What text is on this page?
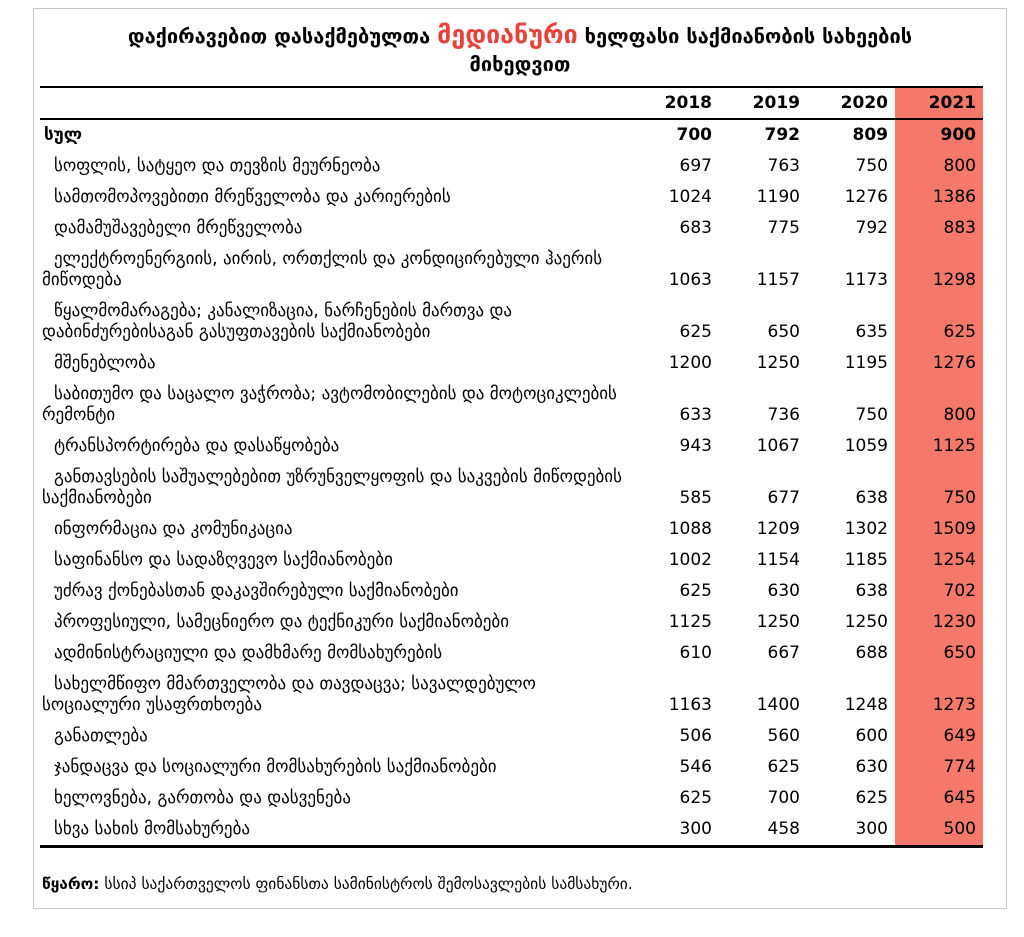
დაქირავებით დასაქმებულთა მედიანური ხელფასი საქმიანობის სახეების მიხედვით
	2018	2019	2020	2021
სულ	700	792	809	900
სოფლის, სატყეო და თევზის მეურნეობა	697	763	750	800
სამთომოპოვებითი მრეწველობა და კარიერების	1024	1190	1276	1386
დამამუშავებელი მრეწველობა	683	775	792	883
ელექტროენერგიის, აირის, ორთქლის და კონდიცირებული ჰაერის მიწოდება	1063	1157	1173	1298
წყალმომარაგება; კანალიზაცია, ნარჩენების მართვა და დაბინძურებისაგან გასუფთავების საქმიანობები	625	650	635	625
მშენებლობა	1200	1250	1195	1276
საბითუმო და საცალო ვაჭრობა; ავტომობილების და მოტოციკლების რემონტი	633	736	750	800
ტრანსპორტირება და დასაწყობება	943	1067	1059	1125
განთავსების საშუალებებით უზრუნველყოფის და საკვების მიწოდების საქმიანობები	585	677	638	750
ინფორმაცია და კომუნიკაცია	1088	1209	1302	1509
საფინანსო და სადაზღვევო საქმიანობები	1002	1154	1185	1254
უძრავ ქონებასთან დაკავშირებული საქმიანობები	625	630	638	702
პროფესიული, სამეცნიერო და ტექნიკური საქმიანობები	1125	1250	1250	1230
ადმინისტრაციული და დამხმარე მომსახურების	610	667	688	650
სახელმწიფო მმართველობა და თავდაცვა; სავალდებულო სოციალური უსაფრთხოება	1163	1400	1248	1273
განათლება	506	560	600	649
ჯანდაცვა და სოციალური მომსახურების საქმიანობები	546	625	630	774
ხელოვნება, გართობა და დასვენება	625	700	625	645
სხვა სახის მომსახურება	300	458	300	500
წყარო: სსიპ საქართველოს ფინანსთა სამინისტროს შემოსავლების სამსახური.
